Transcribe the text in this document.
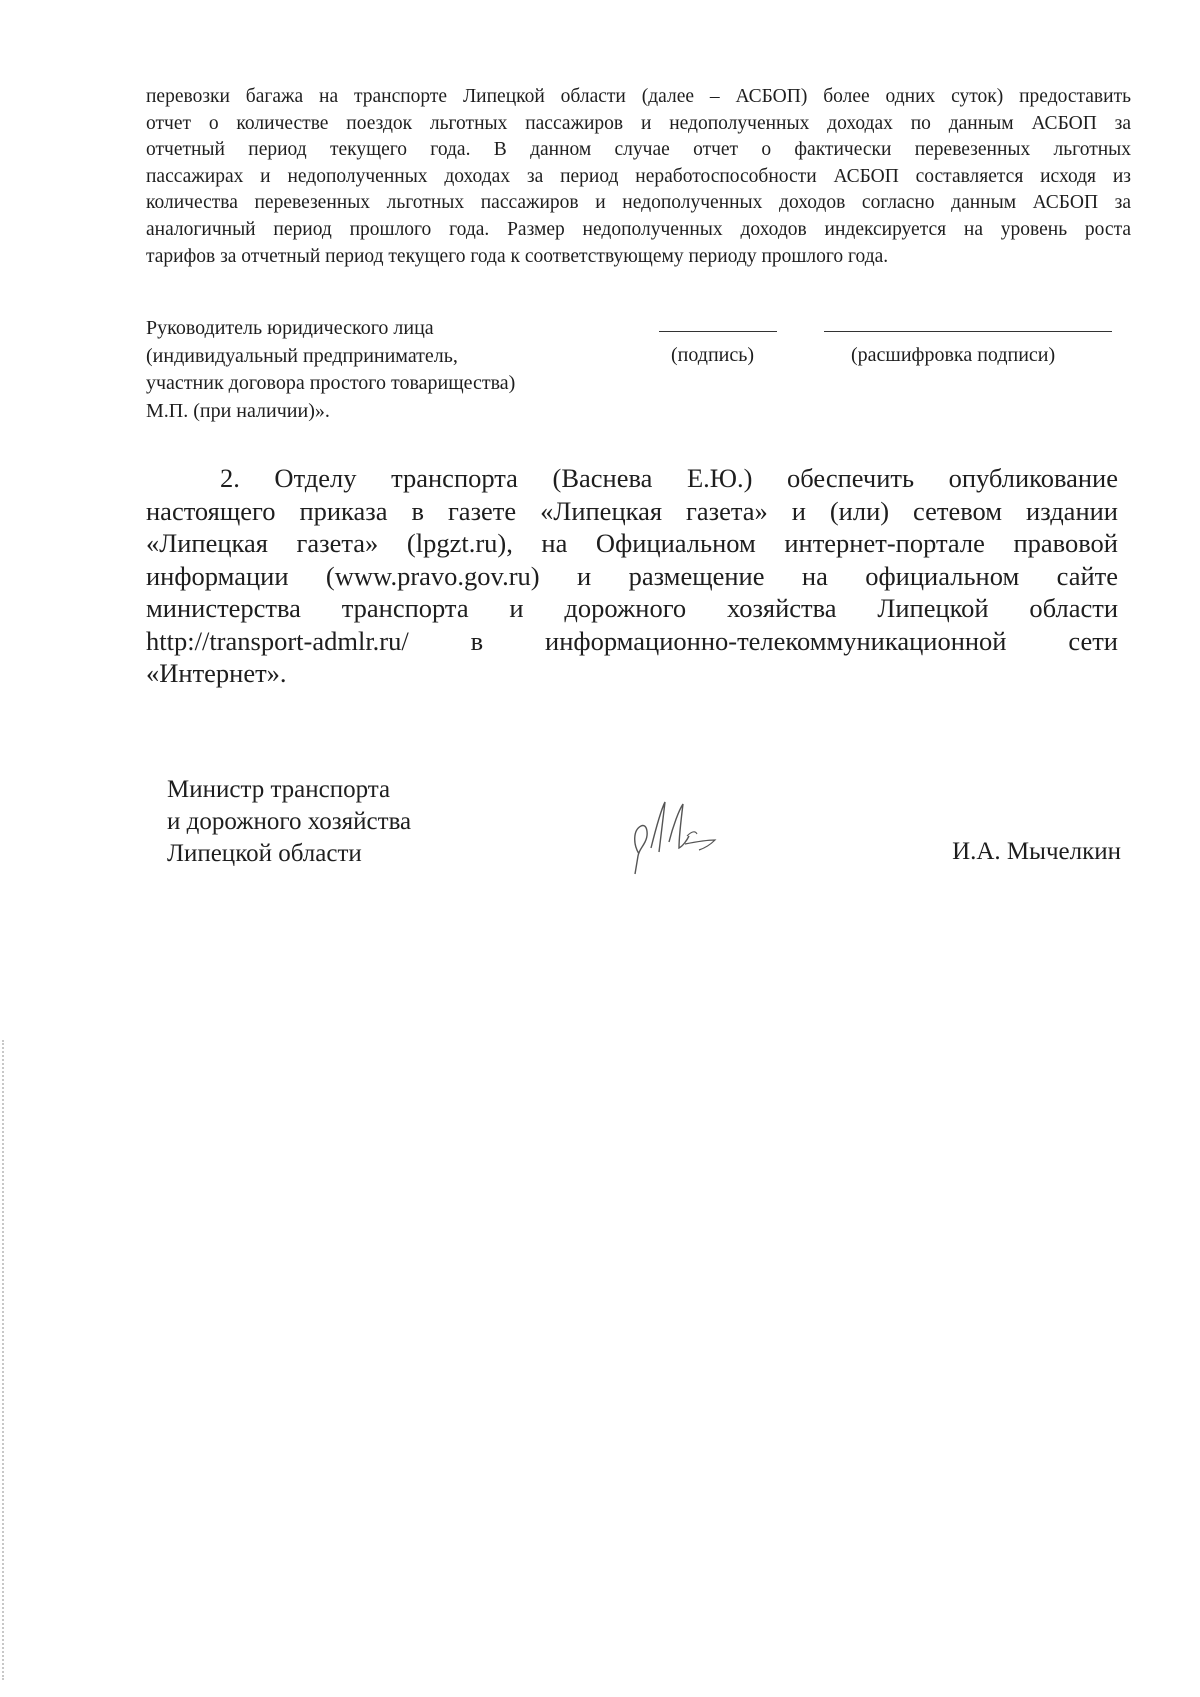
перевозки багажа на транспорте Липецкой области (далее – АСБОП) более одних суток) предоставить
отчет о количестве поездок льготных пассажиров и недополученных доходах по данным АСБОП за
отчетный период текущего года. В данном случае отчет о фактически перевезенных льготных
пассажирах и недополученных доходах за период неработоспособности АСБОП составляется исходя из
количества перевезенных льготных пассажиров и недополученных доходов согласно данным АСБОП за
аналогичный период прошлого года. Размер недополученных доходов индексируется на уровень роста
тарифов за отчетный период текущего года к соответствующему периоду прошлого года.
Руководитель юридического лица
(индивидуальный предприниматель,
участник договора простого товарищества)
М.П. (при наличии)».
(подпись)	(расшифровка подписи)
2. Отделу транспорта (Васнева Е.Ю.) обеспечить опубликование
настоящего приказа в газете «Липецкая газета» и (или) сетевом издании
«Липецкая газета» (lpgzt.ru), на Официальном интернет-портале правовой
информации (www.pravo.gov.ru) и размещение на официальном сайте
министерства транспорта и дорожного хозяйства Липецкой области
http://transport-admlr.ru/ в информационно-телекоммуникационной сети
«Интернет».
Министр транспорта
и дорожного хозяйства
Липецкой области	И.А. Мычелкин
